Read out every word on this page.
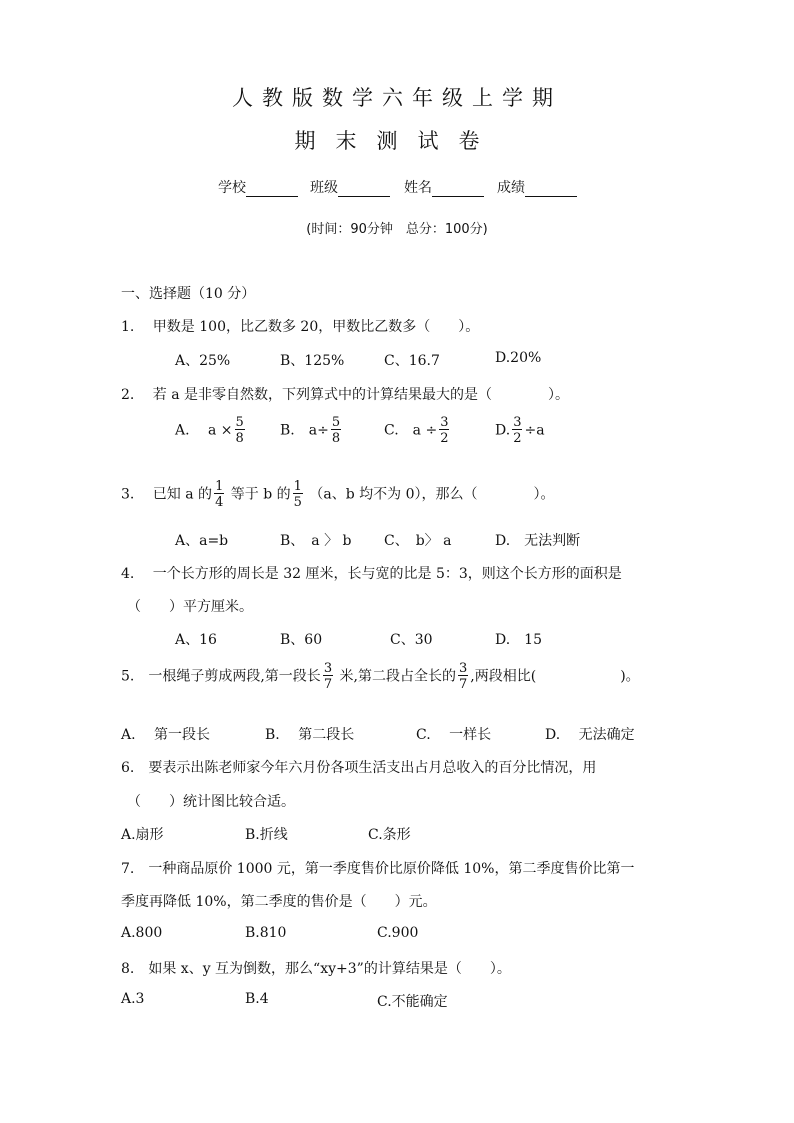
人教版数学六年级上学期
期末测试卷
学校	班级	姓名	成绩
(时间：90分钟　总分：100分)
一、选择题（10 分）
1.　 甲数是 100，比乙数多 20，甲数比乙数多（　　）。
A、25%	B、125%	C、16.7	D.20%
2.　 若 a 是非零自然数，下列算式中的计算结果最大的是（　　　　）。
A.　 $a \times \frac{5}{8}$	B.　$a\div \frac{5}{8}$	C.　$a \div \frac{3}{2}$	D. $\frac{3}{2} \div a$
3.　 已知 a 的 $\frac{1}{4}$ 等于 b 的 $\frac{1}{5} (a$、b 均不为 0），那么（　　　　）。
A、a=b	B、　a 〉 b C、　b〉 a	D.　无法判断
4.　 一个长方形的周长是 32 厘米，长与宽的比是 5：3，则这个长方形的面积是
（　　）平方厘米。
A、16	B、60	C、30	D.　15
5.　一根绳子剪成两段,第一段长 $\frac{3}{7}$ 米,第二段占全长的 $\frac{3}{7}$ ,两段相比(　　　　　　)。
A.　 第一段长	B.　 第二段长	C.　 一样长	D.　 无法确定
6.　要表示出陈老师家今年六月份各项生活支出占月总收入的百分比情况，用
（　　）统计图比较合适。
A.扇形	B.折线	C.条形
7.　一种商品原价 1000 元，第一季度售价比原价降低 10%，第二季度售价比第一
季度再降低 10%，第二季度的售价是（　　）元。
A.800	B.810	C.900
8.　如果 x、y 互为倒数，那么“xy+3”的计算结果是（　　）。
A.3	B.4	C.不能确定
